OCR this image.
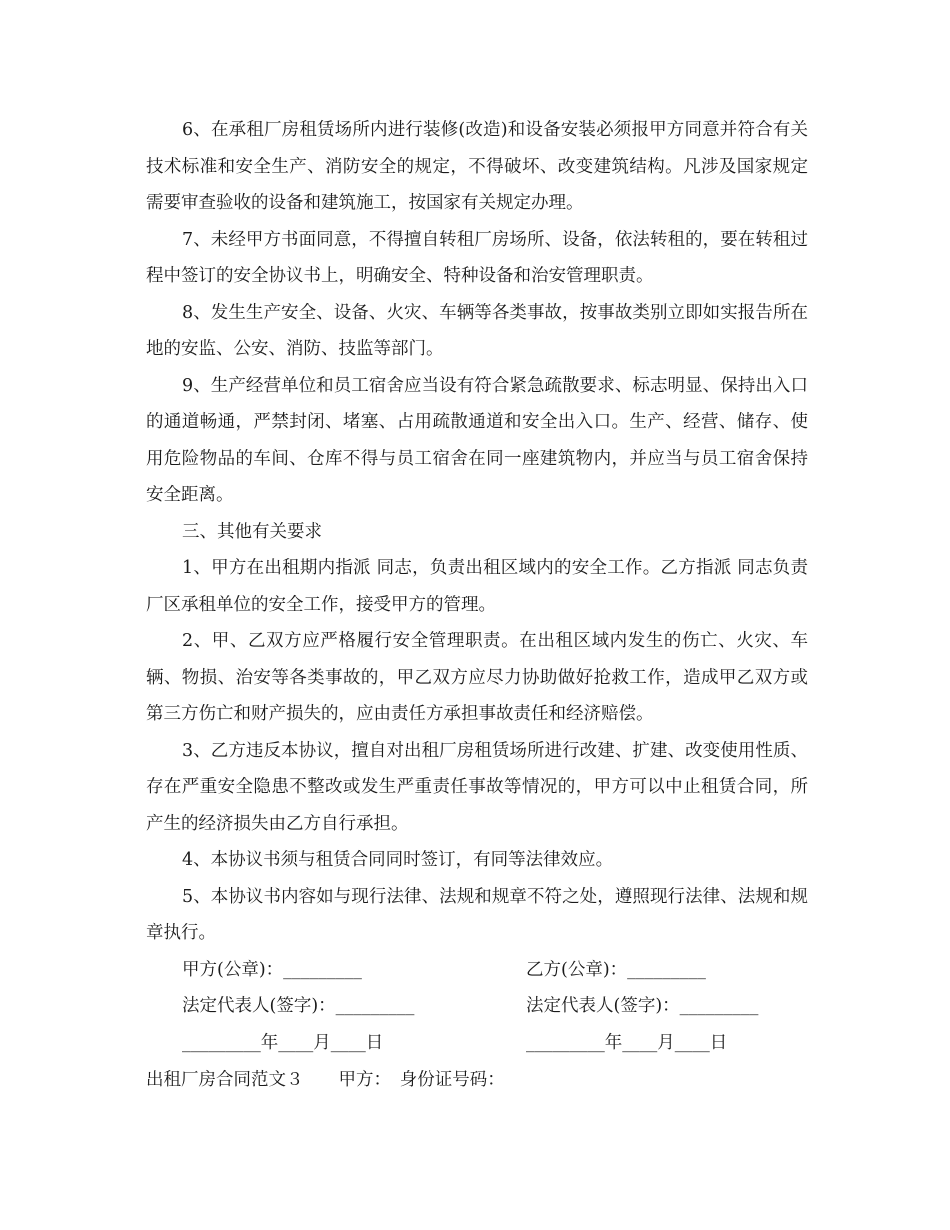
6、在承租厂房租赁场所内进行装修(改造)和设备安装必须报甲方同意并符合有关技术标准和安全生产、消防安全的规定，不得破坏、改变建筑结构。凡涉及国家规定需要审查验收的设备和建筑施工，按国家有关规定办理。

7、未经甲方书面同意，不得擅自转租厂房场所、设备，依法转租的，要在转租过程中签订的安全协议书上，明确安全、特种设备和治安管理职责。

8、发生生产安全、设备、火灾、车辆等各类事故，按事故类别立即如实报告所在地的安监、公安、消防、技监等部门。

9、生产经营单位和员工宿舍应当设有符合紧急疏散要求、标志明显、保持出入口的通道畅通，严禁封闭、堵塞、占用疏散通道和安全出入口。生产、经营、储存、使用危险物品的车间、仓库不得与员工宿舍在同一座建筑物内，并应当与员工宿舍保持安全距离。

三、其他有关要求

1、甲方在出租期内指派 同志，负责出租区域内的安全工作。乙方指派 同志负责厂区承租单位的安全工作，接受甲方的管理。

2、甲、乙双方应严格履行安全管理职责。在出租区域内发生的伤亡、火灾、车辆、物损、治安等各类事故的，甲乙双方应尽力协助做好抢救工作，造成甲乙双方或第三方伤亡和财产损失的，应由责任方承担事故责任和经济赔偿。

3、乙方违反本协议，擅自对出租厂房租赁场所进行改建、扩建、改变使用性质、存在严重安全隐患不整改或发生严重责任事故等情况的，甲方可以中止租赁合同，所产生的经济损失由乙方自行承担。

4、本协议书须与租赁合同同时签订，有同等法律效应。

5、本协议书内容如与现行法律、法规和规章不符之处，遵照现行法律、法规和规章执行。

甲方(公章)：_________	乙方(公章)：_________
法定代表人(签字)：_________	法定代表人(签字)：_________
_________年____月____日	_________年____月____日
出租厂房合同范文３　　甲方：　身份证号码：
